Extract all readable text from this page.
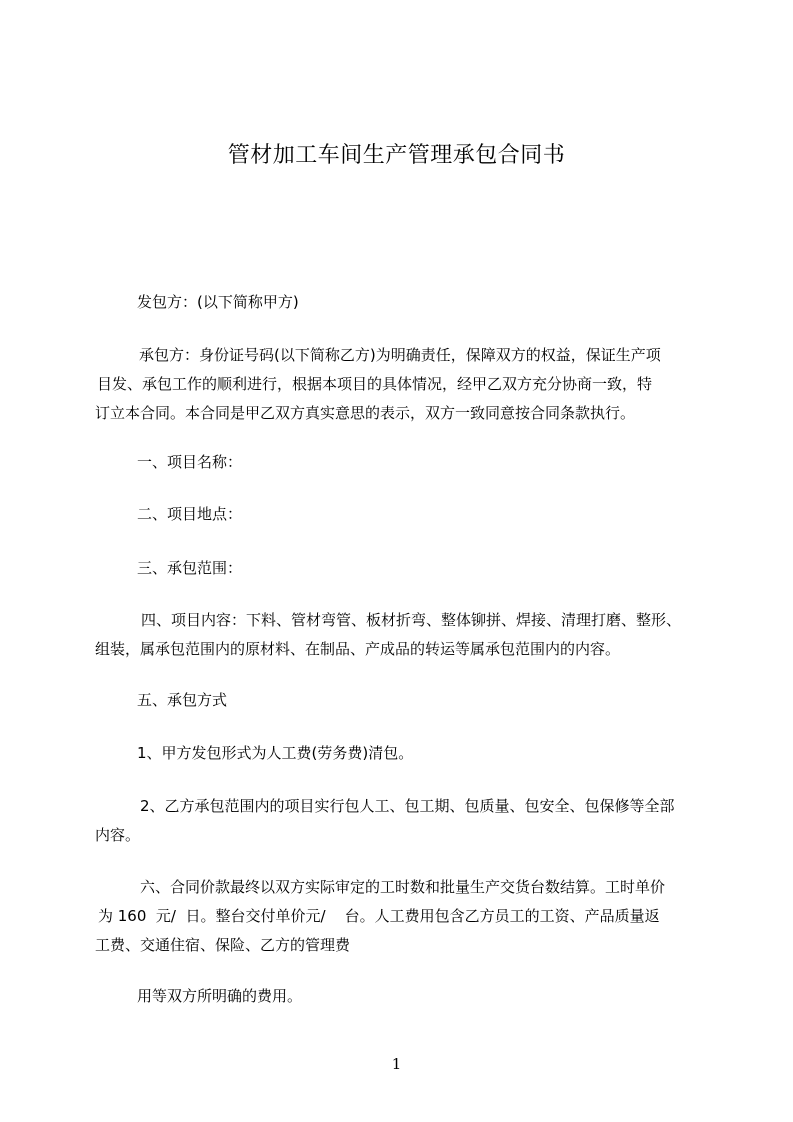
管材加工车间生产管理承包合同书
发包方：(以下简称甲方)
承包方：身份证号码(以下简称乙方)为明确责任，保障双方的权益，保证生产项
目发、承包工作的顺利进行，根据本项目的具体情况，经甲乙双方充分协商一致，特
订立本合同。本合同是甲乙双方真实意思的表示，双方一致同意按合同条款执行。
一、项目名称：
二、项目地点：
三、承包范围：
四、项目内容：下料、管材弯管、板材折弯、整体铆拼、焊接、清理打磨、整形、
组装，属承包范围内的原材料、在制品、产成品的转运等属承包范围内的内容。
五、承包方式
1、甲方发包形式为人工费(劳务费)清包。
2、乙方承包范围内的项目实行包人工、包工期、包质量、包安全、包保修等全部
内容。
六、合同价款最终以双方实际审定的工时数和批量生产交货台数结算。工时单价
为 160  元/  日。整台交付单价元/    台。人工费用包含乙方员工的工资、产品质量返
工费、交通住宿、保险、乙方的管理费
用等双方所明确的费用。
1
